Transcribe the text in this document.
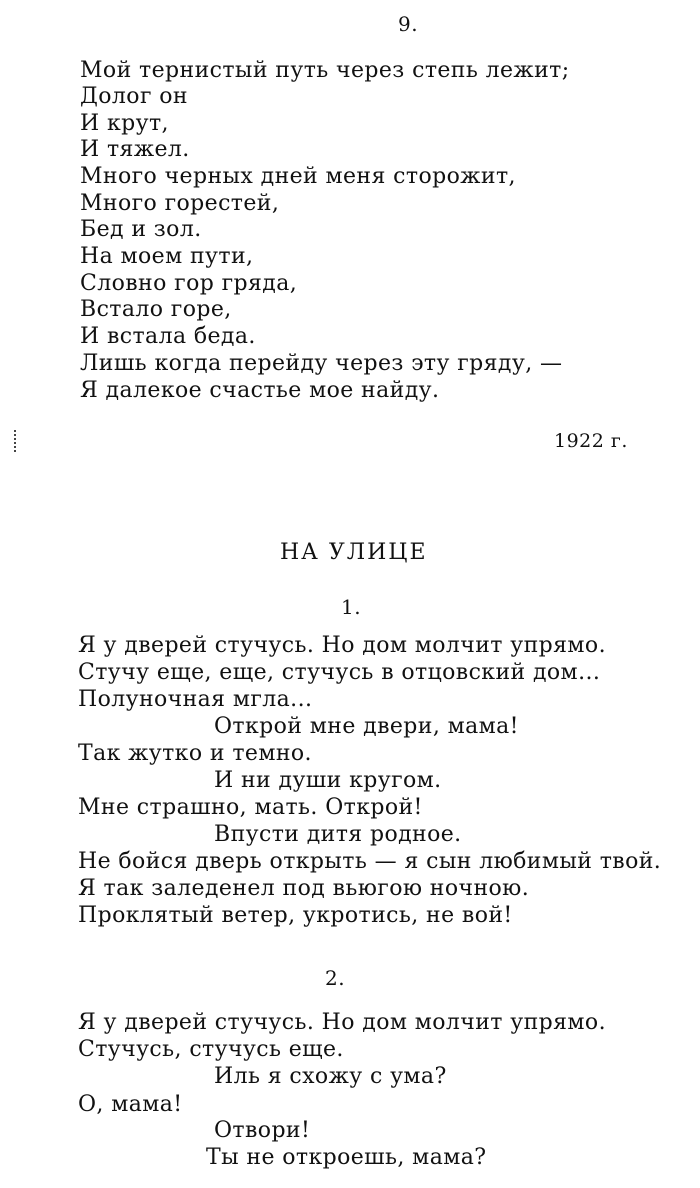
9.
Мой тернистый путь через степь лежит;
Долог он
И крут,
И тяжел.
Много черных дней меня сторожит,
Много горестей,
Бед и зол.
На моем пути,
Словно гор гряда,
Встало горе,
И встала беда.
Лишь когда перейду через эту гряду, —
Я далекое счастье мое найду.
1922 г.
НА УЛИЦЕ
1.
Я у дверей стучусь. Но дом молчит упрямо.
Стучу еще, еще, стучусь в отцовский дом...
Полуночная мгла...
Открой мне двери, мама!
Так жутко и темно.
И ни души кругом.
Мне страшно, мать. Открой!
Впусти дитя родное.
Не бойся дверь открыть — я сын любимый твой.
Я так заледенел под вьюгою ночною.
Проклятый ветер, укротись, не вой!
2.
Я у дверей стучусь. Но дом молчит упрямо.
Стучусь, стучусь еще.
Иль я схожу с ума?
О, мама!
Отвори!
Ты не откроешь, мама?
